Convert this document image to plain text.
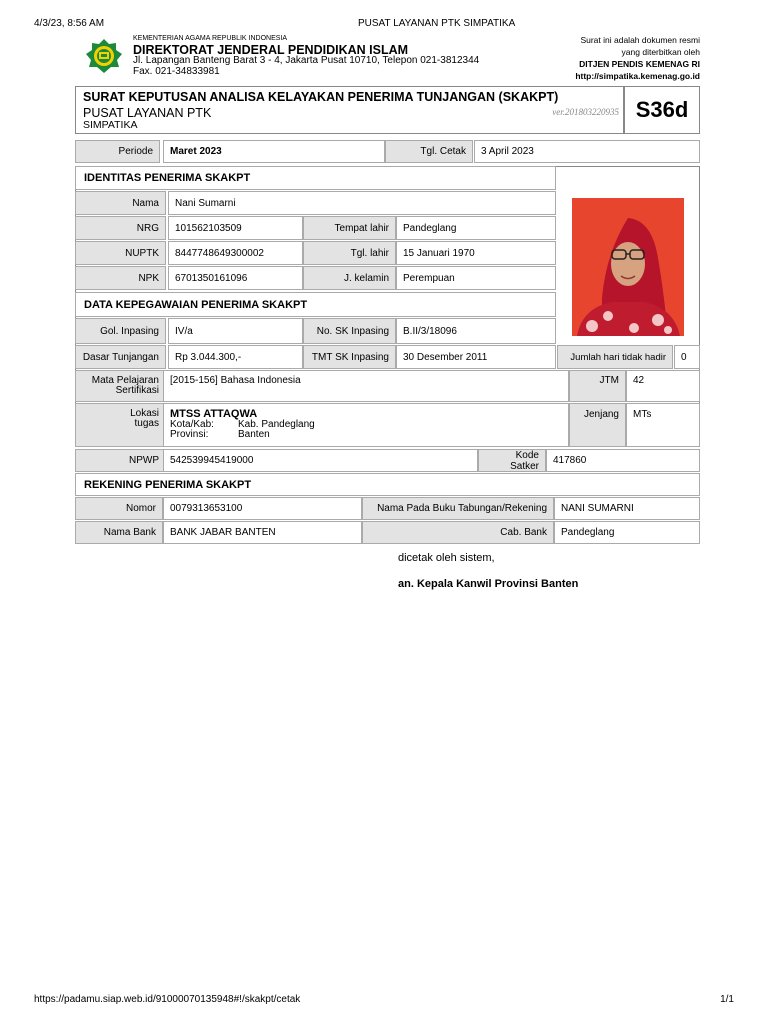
4/3/23, 8:56 AM	PUSAT LAYANAN PTK SIMPATIKA
KEMENTERIAN AGAMA REPUBLIK INDONESIA
DIREKTORAT JENDERAL PENDIDIKAN ISLAM
Jl. Lapangan Banteng Barat 3 - 4, Jakarta Pusat 10710, Telepon 021-3812344
Fax. 021-34833981
Surat ini adalah dokumen resmi
yang diterbitkan oleh
DITJEN PENDIS KEMENAG RI
http://simpatika.kemenag.go.id
SURAT KEPUTUSAN ANALISA KELAYAKAN PENERIMA TUNJANGAN (SKAKPT)
PUSAT LAYANAN PTK
SIMPATIKA
ver.201803220935 S36d
Periode	Maret 2023	Tgl. Cetak	3 April 2023
IDENTITAS PENERIMA SKAKPT
Nama	Nani Sumarni
NRG	101562103509	Tempat lahir	Pandeglang
NUPTK	8447748649300002	Tgl. lahir	15 Januari 1970
NPK	6701350161096	J. kelamin	Perempuan
DATA KEPEGAWAIAN PENERIMA SKAKPT
Gol. Inpasing	IV/a	No. SK Inpasing	B.II/3/18096
Dasar Tunjangan	Rp 3.044.300,-	TMT SK Inpasing	30 Desember 2011	Jumlah hari tidak hadir	0
Mata Pelajaran
Sertifikasi
[2015-156] Bahasa Indonesia	JTM	42
Lokasi
tugas
MTSS ATTAQWA
Kota/Kab:	Kab. Pandeglang
Provinsi:	Banten
Jenjang	MTs
NPWP	542539945419000	Kode Satker	417860
REKENING PENERIMA SKAKPT
Nomor	0079313653100	Nama Pada Buku Tabungan/Rekening	NANI SUMARNI
Nama Bank	BANK JABAR BANTEN	Cab. Bank	Pandeglang
dicetak oleh sistem,
an. Kepala Kanwil Provinsi Banten
https://padamu.siap.web.id/91000070135948#!/skakpt/cetak	1/1
